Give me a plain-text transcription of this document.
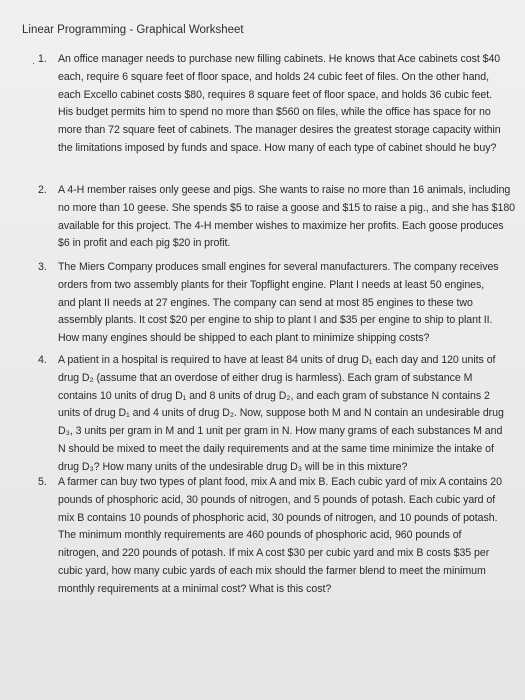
Linear Programming - Graphical Worksheet
· 1.	An office manager needs to purchase new filling cabinets. He knows that Ace cabinets cost $40
each, require 6 square feet of floor space, and holds 24 cubic feet of files. On the other hand,
each Excello cabinet costs $80, requires 8 square feet of floor space, and holds 36 cubic feet.
His budget permits him to spend no more than $560 on files, while the office has space for no
more than 72 square feet of cabinets. The manager desires the greatest storage capacity within
the limitations imposed by funds and space. How many of each type of cabinet should he buy?

2.	A 4-H member raises only geese and pigs. She wants to raise no more than 16 animals, including
no more than 10 geese. She spends $5 to raise a goose and $15 to raise a pig., and she has $180
available for this project. The 4-H member wishes to maximize her profits. Each goose produces
$6 in profit and each pig $20 in profit.

3.	The Miers Company produces small engines for several manufacturers. The company receives
orders from two assembly plants for their Topflight engine. Plant I needs at least 50 engines,
and plant II needs at 27 engines. The company can send at most 85 engines to these two
assembly plants. It cost $20 per engine to ship to plant I and $35 per engine to ship to plant II.
How many engines should be shipped to each plant to minimize shipping costs?

4.	A patient in a hospital is required to have at least 84 units of drug D₁ each day and 120 units of
drug D₂ (assume that an overdose of either drug is harmless). Each gram of substance M
contains 10 units of drug D₁ and 8 units of drug D₂, and each gram of substance N contains 2
units of drug D₁ and 4 units of drug D₂. Now, suppose both M and N contain an undesirable drug
D₃, 3 units per gram in M and 1 unit per gram in N. How many grams of each substances M and
N should be mixed to meet the daily requirements and at the same time minimize the intake of
drug D₃? How many units of the undesirable drug D₃ will be in this mixture?

5.	A farmer can buy two types of plant food, mix A and mix B. Each cubic yard of mix A contains 20
pounds of phosphoric acid, 30 pounds of nitrogen, and 5 pounds of potash. Each cubic yard of
mix B contains 10 pounds of phosphoric acid, 30 pounds of nitrogen, and 10 pounds of potash.
The minimum monthly requirements are 460 pounds of phosphoric acid, 960 pounds of
nitrogen, and 220 pounds of potash. If mix A cost $30 per cubic yard and mix B costs $35 per
cubic yard, how many cubic yards of each mix should the farmer blend to meet the minimum
monthly requirements at a minimal cost? What is this cost?
